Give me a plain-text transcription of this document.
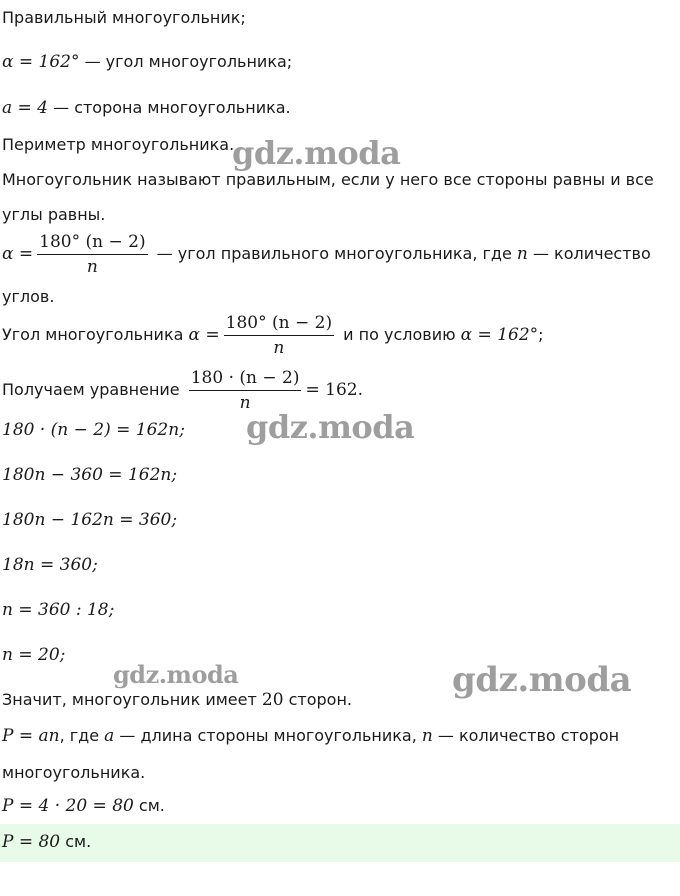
Правильный многоугольник;
α = 162° — угол многоугольника;
a = 4 — сторона многоугольника.
Периметр многоугольника.
Многоугольник называют правильным, если у него все стороны равны и все
углы равны.
$\alpha = \frac{180^\circ (n - 2)}{n}$ — угол правильного многоугольника, где n — количество
углов.
Угол многоугольника $\alpha = \frac{180^\circ (n - 2)}{n}$ и по условию α = 162°;
Получаем уравнение $\frac{180 \cdot (n - 2)}{n} = 162$.
180 · (n − 2) = 162n;
180n − 360 = 162n;
180n − 162n = 360;
18n = 360;
n = 360 : 18;
n = 20;
Значит, многоугольник имеет 20 сторон.
P = an, где a — длина стороны многоугольника, n — количество сторон
многоугольника.
P = 4 · 20 = 80 см.
P = 80 см.
gdz.moda
gdz.moda
gdz.moda	gdz.moda
